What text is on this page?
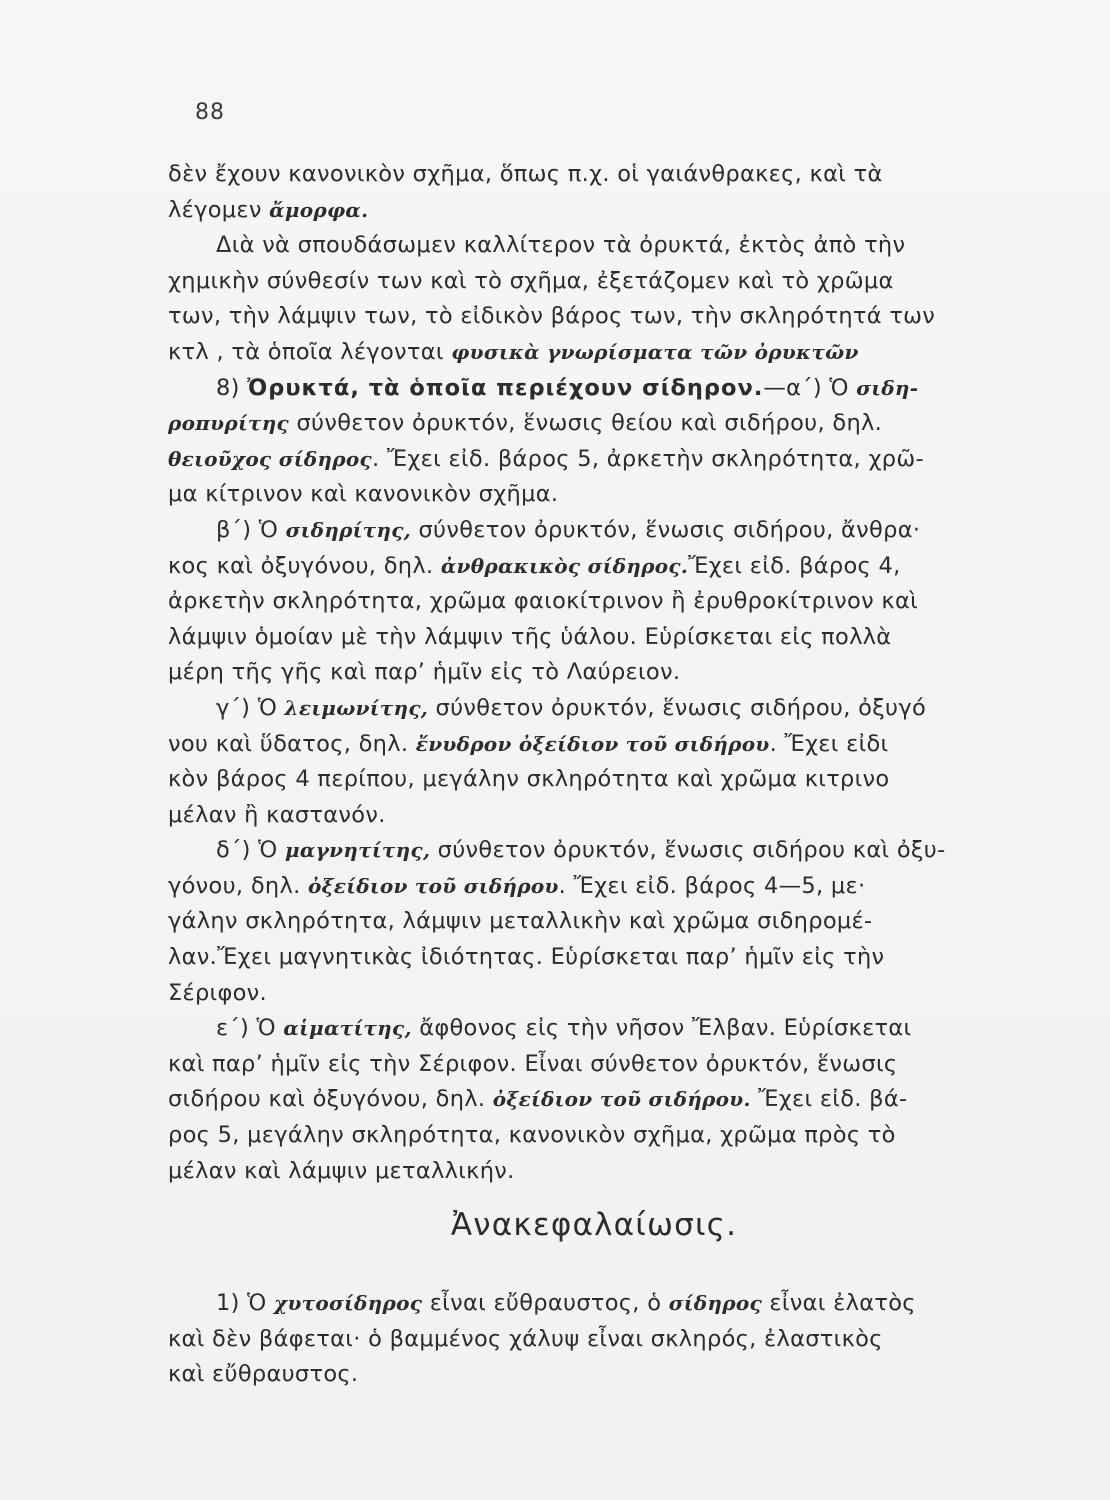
88
δὲν ἔχουν κανονικὸν σχῆμα, ὅπως π.χ. οἱ γαιάνθρακες, καὶ τὰ
λέγομεν ἄμορφα.
Διὰ νὰ σπουδάσωμεν καλλίτερον τὰ ὀρυκτά, ἐκτὸς ἀπὸ τὴν
χημικὴν σύνθεσίν των καὶ τὸ σχῆμα, ἐξετάζομεν καὶ τὸ χρῶμα
των, τὴν λάμψιν των, τὸ εἰδικὸν βάρος των, τὴν σκληρότητά των
κτλ , τὰ ὁποῖα λέγονται φυσικὰ γνωρίσματα τῶν ὀρυκτῶν
8) Ὀρυκτά, τὰ ὁποῖα περιέχουν σίδηρον.—α΄) Ὁ σιδη-
ροπυρίτης σύνθετον ὀρυκτόν, ἕνωσις θείου καὶ σιδήρου, δηλ.
θειοῦχος σίδηρος. Ἔχει εἰδ. βάρος 5, ἀρκετὴν σκληρότητα, χρῶ-
μα κίτρινον καὶ κανονικὸν σχῆμα.
β΄) Ὁ σιδηρίτης, σύνθετον ὀρυκτόν, ἕνωσις σιδήρου, ἄνθρα·
κος καὶ ὀξυγόνου, δηλ. ἀνθρακικὸς σίδηρος.Ἔχει εἰδ. βάρος 4,
ἀρκετὴν σκληρότητα, χρῶμα φαιοκίτρινον ἢ ἐρυθροκίτρινον καὶ
λάμψιν ὁμοίαν μὲ τὴν λάμψιν τῆς ὑάλου. Εὑρίσκεται εἰς πολλὰ
μέρη τῆς γῆς καὶ παρ’ ἡμῖν εἰς τὸ Λαύρειον.
γ΄) Ὁ λειμωνίτης, σύνθετον ὀρυκτόν, ἕνωσις σιδήρου, ὀξυγό
νου καὶ ὕδατος, δηλ. ἔνυδρον ὀξείδιον τοῦ σιδήρου. Ἔχει εἰδι
κὸν βάρος 4 περίπου, μεγάλην σκληρότητα καὶ χρῶμα κιτρινο
μέλαν ἢ καστανόν.
δ΄) Ὁ μαγνητίτης, σύνθετον ὀρυκτόν, ἕνωσις σιδήρου καὶ ὀξυ-
γόνου, δηλ. ὀξείδιον τοῦ σιδήρου. Ἔχει εἰδ. βάρος 4—5, με·
γάλην σκληρότητα, λάμψιν μεταλλικὴν καὶ χρῶμα σιδηρομέ-
λαν.Ἔχει μαγνητικὰς ἰδιότητας. Εὑρίσκεται παρ’ ἡμῖν εἰς τὴν
Σέριφον.
ε΄) Ὁ αἱματίτης, ἄφθονος εἰς τὴν νῆσον Ἔλβαν. Εὑρίσκεται
καὶ παρ’ ἡμῖν εἰς τὴν Σέριφον. Εἶναι σύνθετον ὀρυκτόν, ἕνωσις
σιδήρου καὶ ὀξυγόνου, δηλ. ὀξείδιον τοῦ σιδήρου. Ἔχει εἰδ. βά-
ρος 5, μεγάλην σκληρότητα, κανονικὸν σχῆμα, χρῶμα πρὸς τὸ
μέλαν καὶ λάμψιν μεταλλικήν.
Ἀνακεφαλαίωσις.
1) Ὁ χυτοσίδηρος εἶναι εὔθραυστος, ὁ σίδηρος εἶναι ἐλατὸς
καὶ δὲν βάφεται· ὁ βαμμένος χάλυψ εἶναι σκληρός, ἐλαστικὸς
καὶ εὔθραυστος.
